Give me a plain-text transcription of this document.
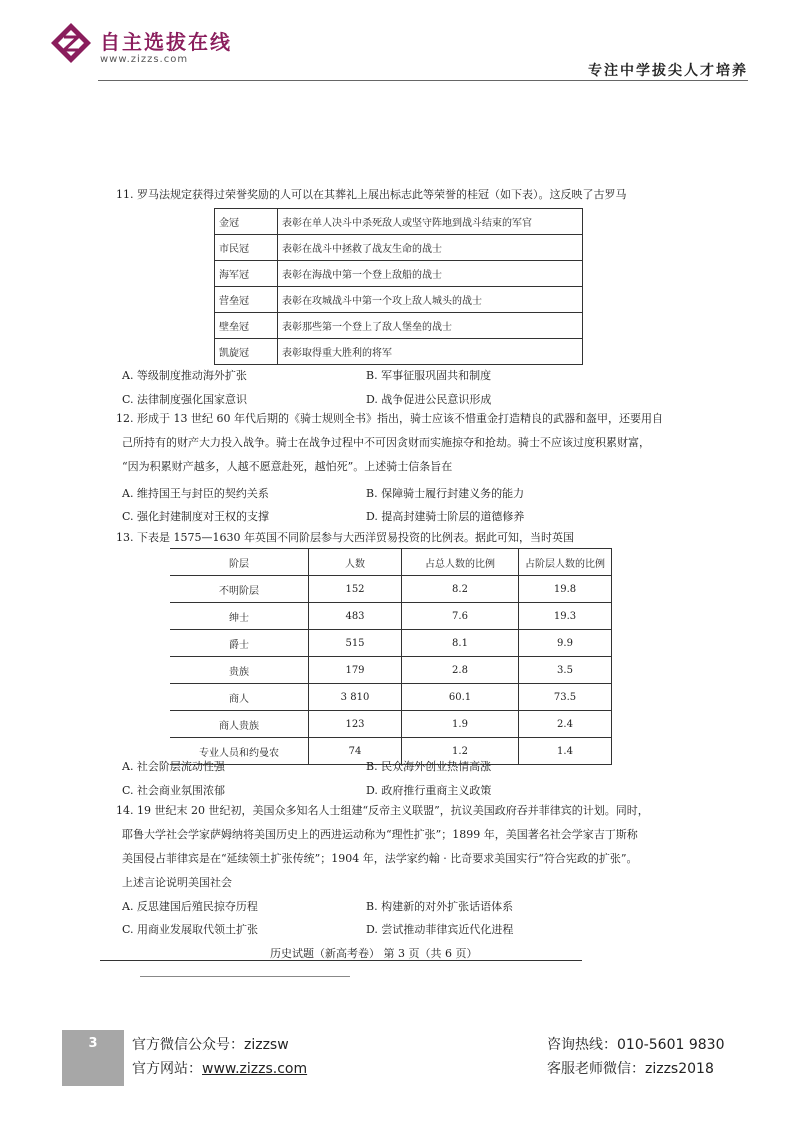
自主选拔在线
www.zizzs.com
专注中学拔尖人才培养
11. 罗马法规定获得过荣誉奖励的人可以在其葬礼上展出标志此等荣誉的桂冠（如下表）。这反映了古罗马
金冠	表彰在单人决斗中杀死敌人或坚守阵地到战斗结束的军官
市民冠	表彰在战斗中拯救了战友生命的战士
海军冠	表彰在海战中第一个登上敌船的战士
营垒冠	表彰在攻城战斗中第一个攻上敌人城头的战士
壁垒冠	表彰那些第一个登上了敌人堡垒的战士
凯旋冠	表彰取得重大胜利的将军
A. 等级制度推动海外扩张	B. 军事征服巩固共和制度
C. 法律制度强化国家意识	D. 战争促进公民意识形成
12. 形成于 13 世纪 60 年代后期的《骑士规则全书》指出，骑士应该不惜重金打造精良的武器和盔甲，还要用自
己所持有的财产大力投入战争。骑士在战争过程中不可因贪财而实施掠夺和抢劫。骑士不应该过度积累财富，
“因为积累财产越多，人越不愿意赴死，越怕死”。上述骑士信条旨在
A. 维持国王与封臣的契约关系	B. 保障骑士履行封建义务的能力
C. 强化封建制度对王权的支撑	D. 提高封建骑士阶层的道德修养
13. 下表是 1575—1630 年英国不同阶层参与大西洋贸易投资的比例表。据此可知，当时英国
阶层	人数	占总人数的比例	占阶层人数的比例
不明阶层	152	8.2	19.8
绅士	483	7.6	19.3
爵士	515	8.1	9.9
贵族	179	2.8	3.5
商人	3 810	60.1	73.5
商人贵族	123	1.9	2.4
专业人员和约曼农	74	1.2	1.4
A. 社会阶层流动性强	B. 民众海外创业热情高涨
C. 社会商业氛围浓郁	D. 政府推行重商主义政策
14. 19 世纪末 20 世纪初，美国众多知名人士组建“反帝主义联盟”，抗议美国政府吞并菲律宾的计划。同时，
耶鲁大学社会学家萨姆纳将美国历史上的西进运动称为“理性扩张”；1899 年，美国著名社会学家吉丁斯称
美国侵占菲律宾是在“延续领土扩张传统”；1904 年，法学家约翰 · 比奇要求美国实行“符合宪政的扩张”。
上述言论说明美国社会
A. 反思建国后殖民掠夺历程	B. 构建新的对外扩张话语体系
C. 用商业发展取代领土扩张	D. 尝试推动菲律宾近代化进程
历史试题（新高考卷） 第 3 页（共 6 页）
3	官方微信公众号：zizzsw
官方网站：www.zizzs.com
咨询热线：010-5601 9830
客服老师微信：zizzs2018
